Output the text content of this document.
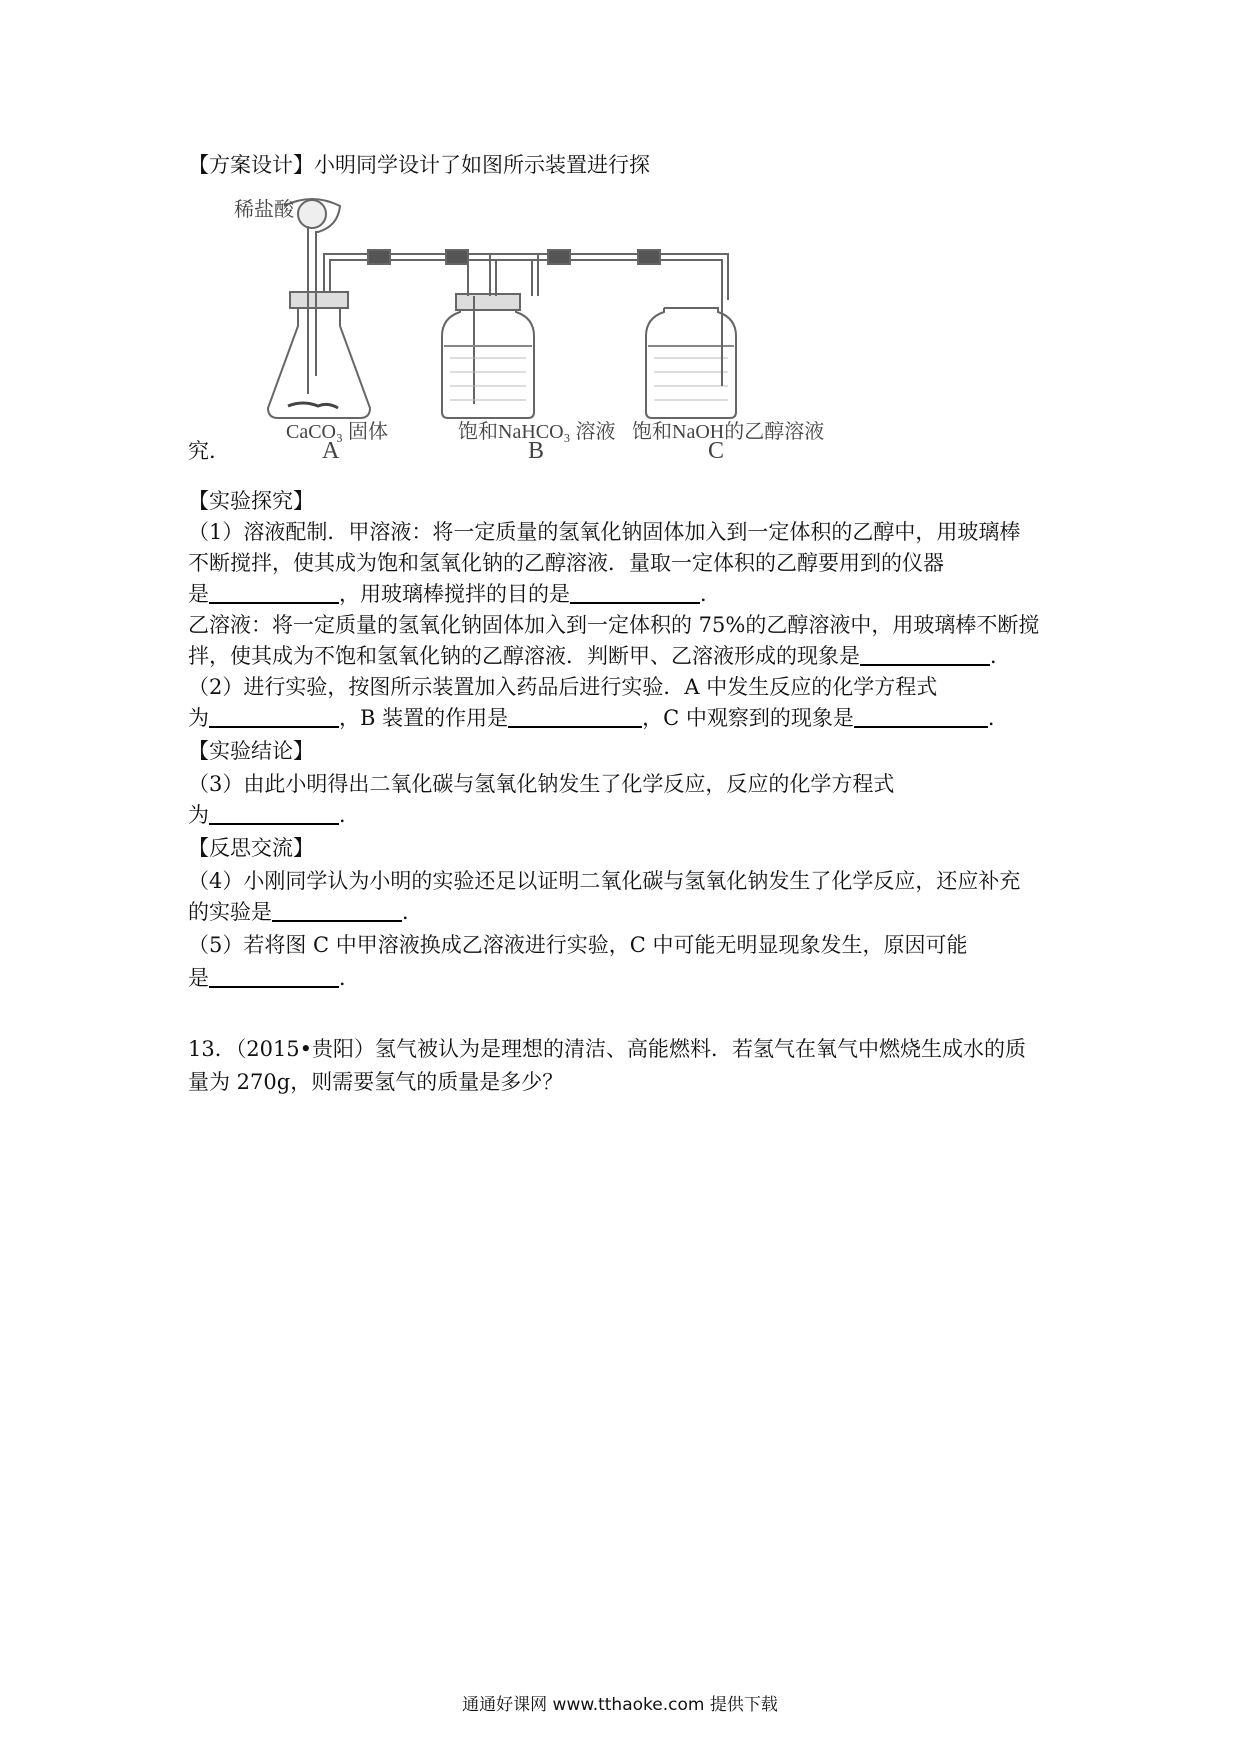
【方案设计】小明同学设计了如图所示装置进行探
稀盐酸
CaCO₃ 固体	饱和NaHCO₃ 溶液 饱和NaOH的乙醇溶液
A	B	C
究.
【实验探究】
（1）溶液配制．甲溶液：将一定质量的氢氧化钠固体加入到一定体积的乙醇中，用玻璃棒
不断搅拌，使其成为饱和氢氧化钠的乙醇溶液．量取一定体积的乙醇要用到的仪器
是	，用玻璃棒搅拌的目的是	．
乙溶液：将一定质量的氢氧化钠固体加入到一定体积的 75%的乙醇溶液中，用玻璃棒不断搅
拌，使其成为不饱和氢氧化钠的乙醇溶液．判断甲、乙溶液形成的现象是	．
（2）进行实验，按图所示装置加入药品后进行实验．A 中发生反应的化学方程式
为	，B 装置的作用是	，C 中观察到的现象是	．
【实验结论】
（3）由此小明得出二氧化碳与氢氧化钠发生了化学反应，反应的化学方程式
为	．
【反思交流】
（4）小刚同学认为小明的实验还足以证明二氧化碳与氢氧化钠发生了化学反应，还应补充
的实验是	．
（5）若将图 C 中甲溶液换成乙溶液进行实验，C 中可能无明显现象发生，原因可能
是	．
13．（2015•贵阳）氢气被认为是理想的清洁、高能燃料．若氢气在氧气中燃烧生成水的质
量为 270g，则需要氢气的质量是多少？
通通好课网 www.tthaoke.com 提供下载
